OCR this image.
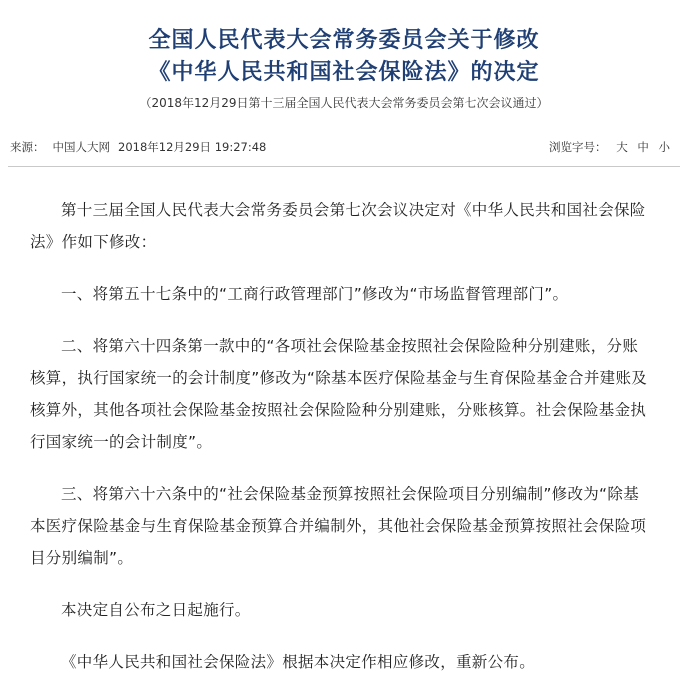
全国人民代表大会常务委员会关于修改
《中华人民共和国社会保险法》的决定
（2018年12月29日第十三届全国人民代表大会常务委员会第七次会议通过）
来源： 中国人大网 2018年12月29日 19:27:48	浏览字号： 大 中 小

第十三届全国人民代表大会常务委员会第七次会议决定对《中华人民共和国社会保险法》作如下修改：

一、将第五十七条中的“工商行政管理部门”修改为“市场监督管理部门”。

二、将第六十四条第一款中的“各项社会保险基金按照社会保险险种分别建账，分账核算，执行国家统一的会计制度”修改为“除基本医疗保险基金与生育保险基金合并建账及核算外，其他各项社会保险基金按照社会保险险种分别建账，分账核算。社会保险基金执行国家统一的会计制度”。

三、将第六十六条中的“社会保险基金预算按照社会保险项目分别编制”修改为“除基本医疗保险基金与生育保险基金预算合并编制外，其他社会保险基金预算按照社会保险项目分别编制”。

本决定自公布之日起施行。

《中华人民共和国社会保险法》根据本决定作相应修改，重新公布。
